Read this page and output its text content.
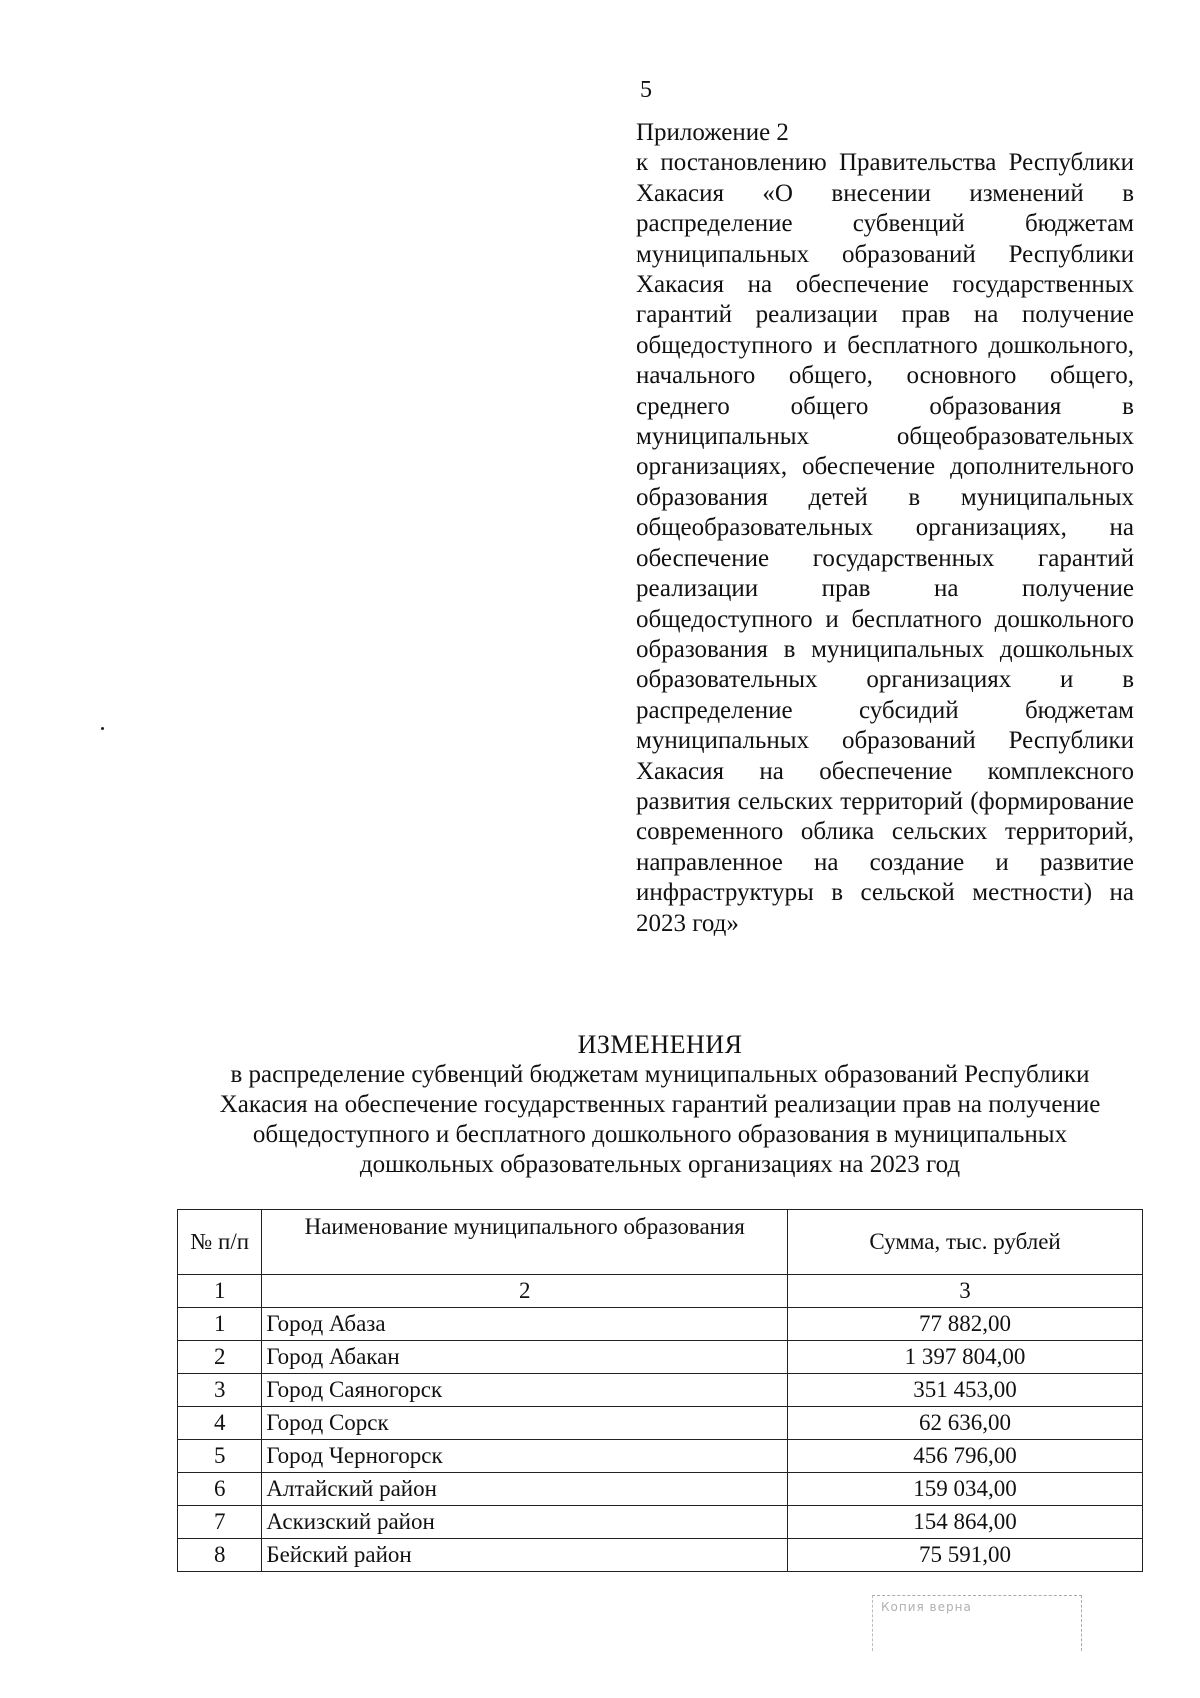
5
Приложение 2
к постановлению Правительства Республики Хакасия «О внесении изменений в распределение субвенций бюджетам муниципальных образований Республики Хакасия на обеспечение государственных гарантий реализации прав на получение общедоступного и бесплатного дошкольного, начального общего, основного общего, среднего общего образования в муниципальных общеобразовательных организациях, обеспечение дополнительного образования детей в муниципальных общеобразовательных организациях, на обеспечение государственных гарантий реализации прав на получение общедоступного и бесплатного дошкольного образования в муниципальных дошкольных образовательных организациях и в распределение субсидий бюджетам муниципальных образований Республики Хакасия на обеспечение комплексного развития сельских территорий (формирование современного облика сельских территорий, направленное на создание и развитие инфраструктуры в сельской местности) на 2023 год»
ИЗМЕНЕНИЯ
в распределение субвенций бюджетам муниципальных образований Республики Хакасия на обеспечение государственных гарантий реализации прав на получение общедоступного и бесплатного дошкольного образования в муниципальных дошкольных образовательных организациях на 2023 год
№ п/п	Наименование муниципального образования	Сумма, тыс. рублей
1	2	3
1	Город Абаза	77 882,00
2	Город Абакан	1 397 804,00
3	Город Саяногорск	351 453,00
4	Город Сорск	62 636,00
5	Город Черногорск	456 796,00
6	Алтайский район	159 034,00
7	Аскизский район	154 864,00
8	Бейский район	75 591,00
Копия верна
